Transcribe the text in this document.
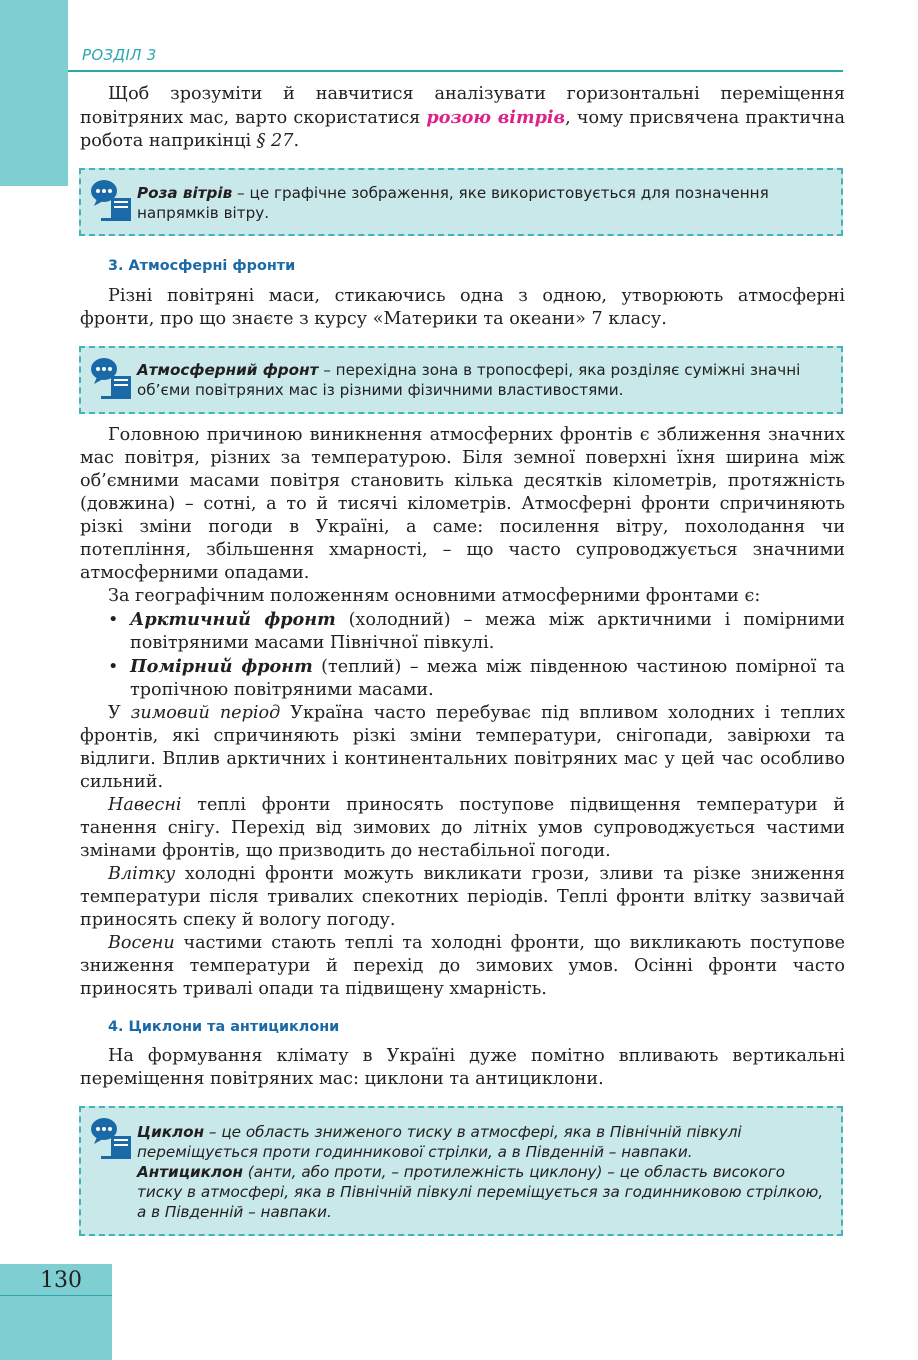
РОЗДІЛ 3

Щоб зрозуміти й навчитися аналізувати горизонтальні переміщення повітряних мас, варто скористатися розою вітрів, чому присвячена практична робота наприкінці § 27.

Роза вітрів – це графічне зображення, яке використовується для позначення напрямків вітру.
3. Атмосферні фронти

Різні повітряні маси, стикаючись одна з одною, утворюють атмосферні фронти, про що знаєте з курсу «Материки та океани» 7 класу.

Атмосферний фронт – перехідна зона в тропосфері, яка розділяє суміжні значні об’єми повітряних мас із різними фізичними властивостями.
Головною причиною виникнення атмосферних фронтів є зближення значних мас повітря, різних за температурою. Біля земної поверхні їхня ширина між об’ємними масами повітря становить кілька десятків кілометрів, протяжність (довжина) – сотні, а то й тисячі кілометрів. Атмосферні фронти спричиняють різкі зміни погоди в Україні, а саме: посилення вітру, похолодання чи потепління, збільшення хмарності, – що часто супроводжується значними атмосферними опадами.
За географічним положенням основними атмосферними фронтами є:
• Арктичний фронт (холодний) – межа між арктичними і помірними повітряними масами Північної півкулі.
• Помірний фронт (теплий) – межа між південною частиною помірної та тропічною повітряними масами.
У зимовий період Україна часто перебуває під впливом холодних і теплих фронтів, які спричиняють різкі зміни температури, снігопади, завірюхи та відлиги. Вплив арктичних і континентальних повітряних мас у цей час особливо сильний.
Навесні теплі фронти приносять поступове підвищення температури й танення снігу. Перехід від зимових до літніх умов супроводжується частими змінами фронтів, що призводить до нестабільної погоди.
Влітку холодні фронти можуть викликати грози, зливи та різке зниження температури після тривалих спекотних періодів. Теплі фронти влітку зазвичай приносять спеку й вологу погоду.
Восени частими стають теплі та холодні фронти, що викликають поступове зниження температури й перехід до зимових умов. Осінні фронти часто приносять тривалі опади та підвищену хмарність.
4. Циклони та антициклони

На формування клімату в Україні дуже помітно впливають вертикальні переміщення повітряних мас: циклони та антициклони.

Циклон – це область зниженого тиску в атмосфері, яка в Північній півкулі переміщується проти годинникової стрілки, а в Південній – навпаки.
Антициклон (анти, або проти, – протилежність циклону) – це область високого тиску в атмосфері, яка в Північній півкулі переміщується за годинниковою стрілкою, а в Південній – навпаки.
130
